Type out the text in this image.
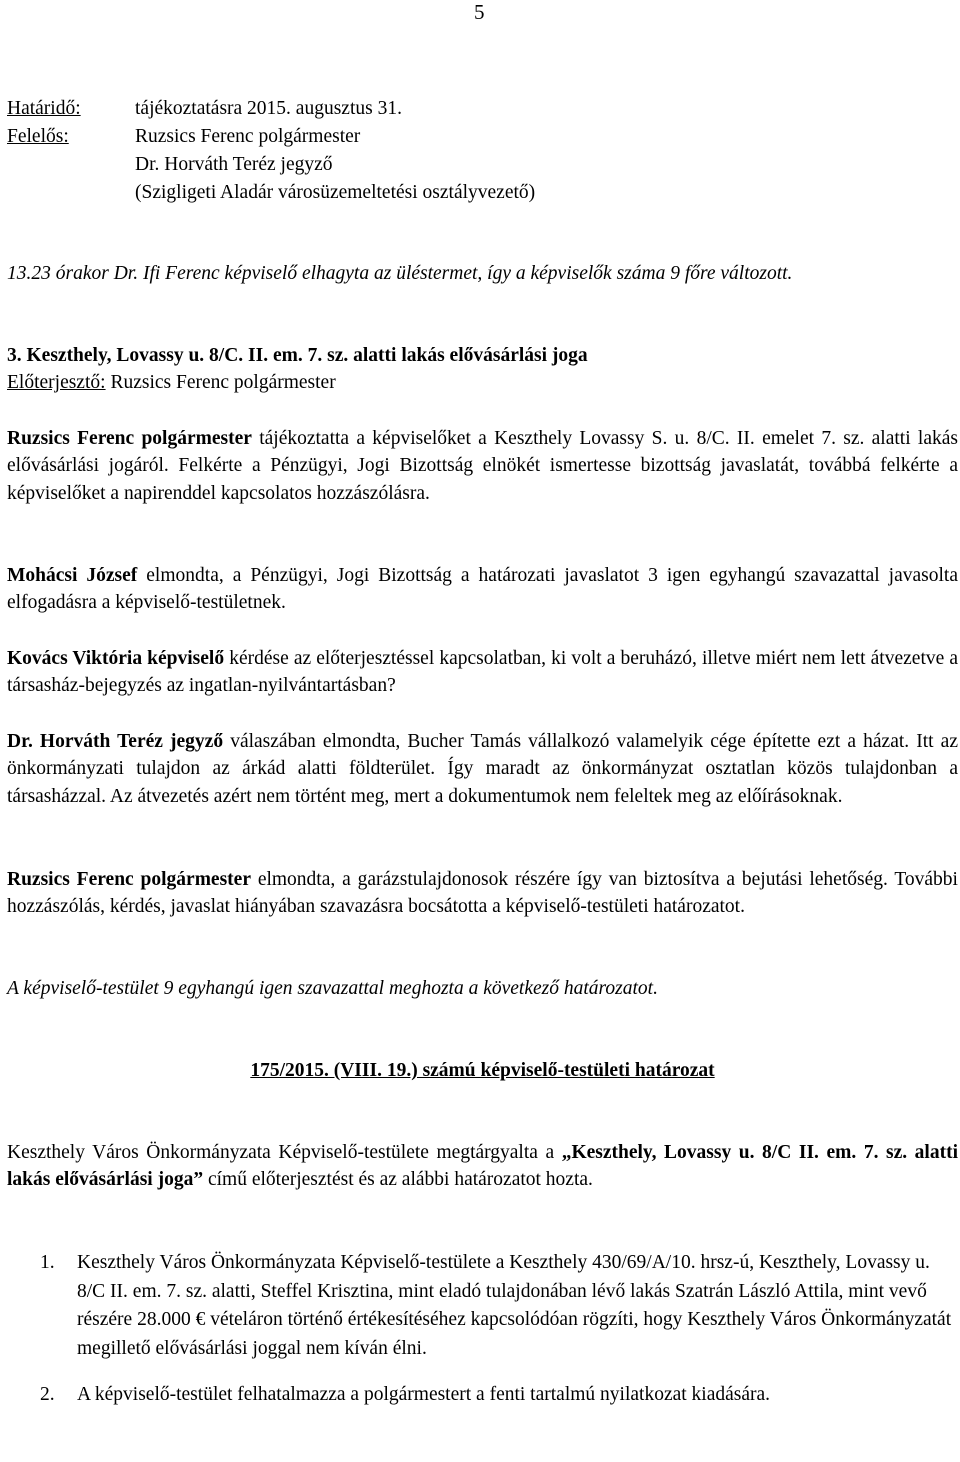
5
Határidő:	tájékoztatásra 2015. augusztus 31.
Felelős:	Ruzsics Ferenc polgármester
Dr. Horváth Teréz jegyző
(Szigligeti Aladár városüzemeltetési osztályvezető)
13.23 órakor Dr. Ifi Ferenc képviselő elhagyta az üléstermet, így a képviselők száma 9 főre változott.
3. Keszthely, Lovassy u. 8/C. II. em. 7. sz. alatti lakás elővásárlási joga
Előterjesztő: Ruzsics Ferenc polgármester

Ruzsics Ferenc polgármester tájékoztatta a képviselőket a Keszthely Lovassy S. u. 8/C. II. emelet 7. sz. alatti lakás elővásárlási jogáról. Felkérte a Pénzügyi, Jogi Bizottság elnökét ismertesse bizottság javaslatát, továbbá felkérte a képviselőket a napirenddel kapcsolatos hozzászólásra.

Mohácsi József elmondta, a Pénzügyi, Jogi Bizottság a határozati javaslatot 3 igen egyhangú szavazattal javasolta elfogadásra a képviselő-testületnek.

Kovács Viktória képviselő kérdése az előterjesztéssel kapcsolatban, ki volt a beruházó, illetve miért nem lett átvezetve a társasház-bejegyzés az ingatlan-nyilvántartásban?

Dr. Horváth Teréz jegyző válaszában elmondta, Bucher Tamás vállalkozó valamelyik cége építette ezt a házat. Itt az önkormányzati tulajdon az árkád alatti földterület. Így maradt az önkormányzat osztatlan közös tulajdonban a társasházzal. Az átvezetés azért nem történt meg, mert a dokumentumok nem feleltek meg az előírásoknak.

Ruzsics Ferenc polgármester elmondta, a garázstulajdonosok részére így van biztosítva a bejutási lehetőség. További hozzászólás, kérdés, javaslat hiányában szavazásra bocsátotta a képviselő-testületi határozatot.

A képviselő-testület 9 egyhangú igen szavazattal meghozta a következő határozatot.
175/2015. (VIII. 19.) számú képviselő-testületi határozat

Keszthely Város Önkormányzata Képviselő-testülete megtárgyalta a „Keszthely, Lovassy u. 8/C II. em. 7. sz. alatti lakás elővásárlási joga” című előterjesztést és az alábbi határozatot hozta.

1. Keszthely Város Önkormányzata Képviselő-testülete a Keszthely 430/69/A/10. hrsz-ú, Keszthely, Lovassy u. 8/C II. em. 7. sz. alatti, Steffel Krisztina, mint eladó tulajdonában lévő lakás Szatrán László Attila, mint vevő részére 28.000 € vételáron történő értékesítéséhez kapcsolódóan rögzíti, hogy Keszthely Város Önkormányzatát megillető elővásárlási joggal nem kíván élni.
2. A képviselő-testület felhatalmazza a polgármestert a fenti tartalmú nyilatkozat kiadására.
